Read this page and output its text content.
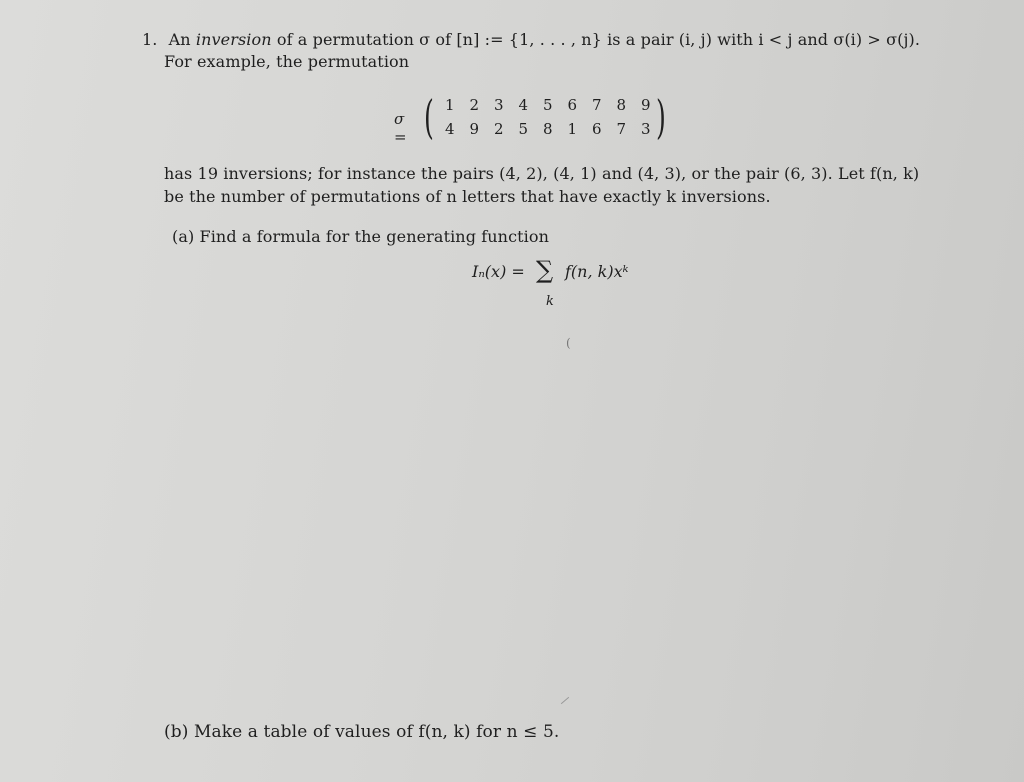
1. An inversion of a permutation σ of [n] := {1, . . . , n} is a pair (i, j) with i < j and σ(i) > σ(j).
For example, the permutation
σ = ( 1 2 3 4 5 6 7 8 9
4 9 2 5 8 1 6 7 3 )
has 19 inversions; for instance the pairs (4, 2), (4, 1) and (4, 3), or the pair (6, 3). Let f(n, k)
be the number of permutations of n letters that have exactly k inversions.
(a) Find a formula for the generating function
Iₙ(x) =	f(n, k)xᵏ
∑
k
(
(b) Make a table of values of f(n, k) for n ≤ 5.
